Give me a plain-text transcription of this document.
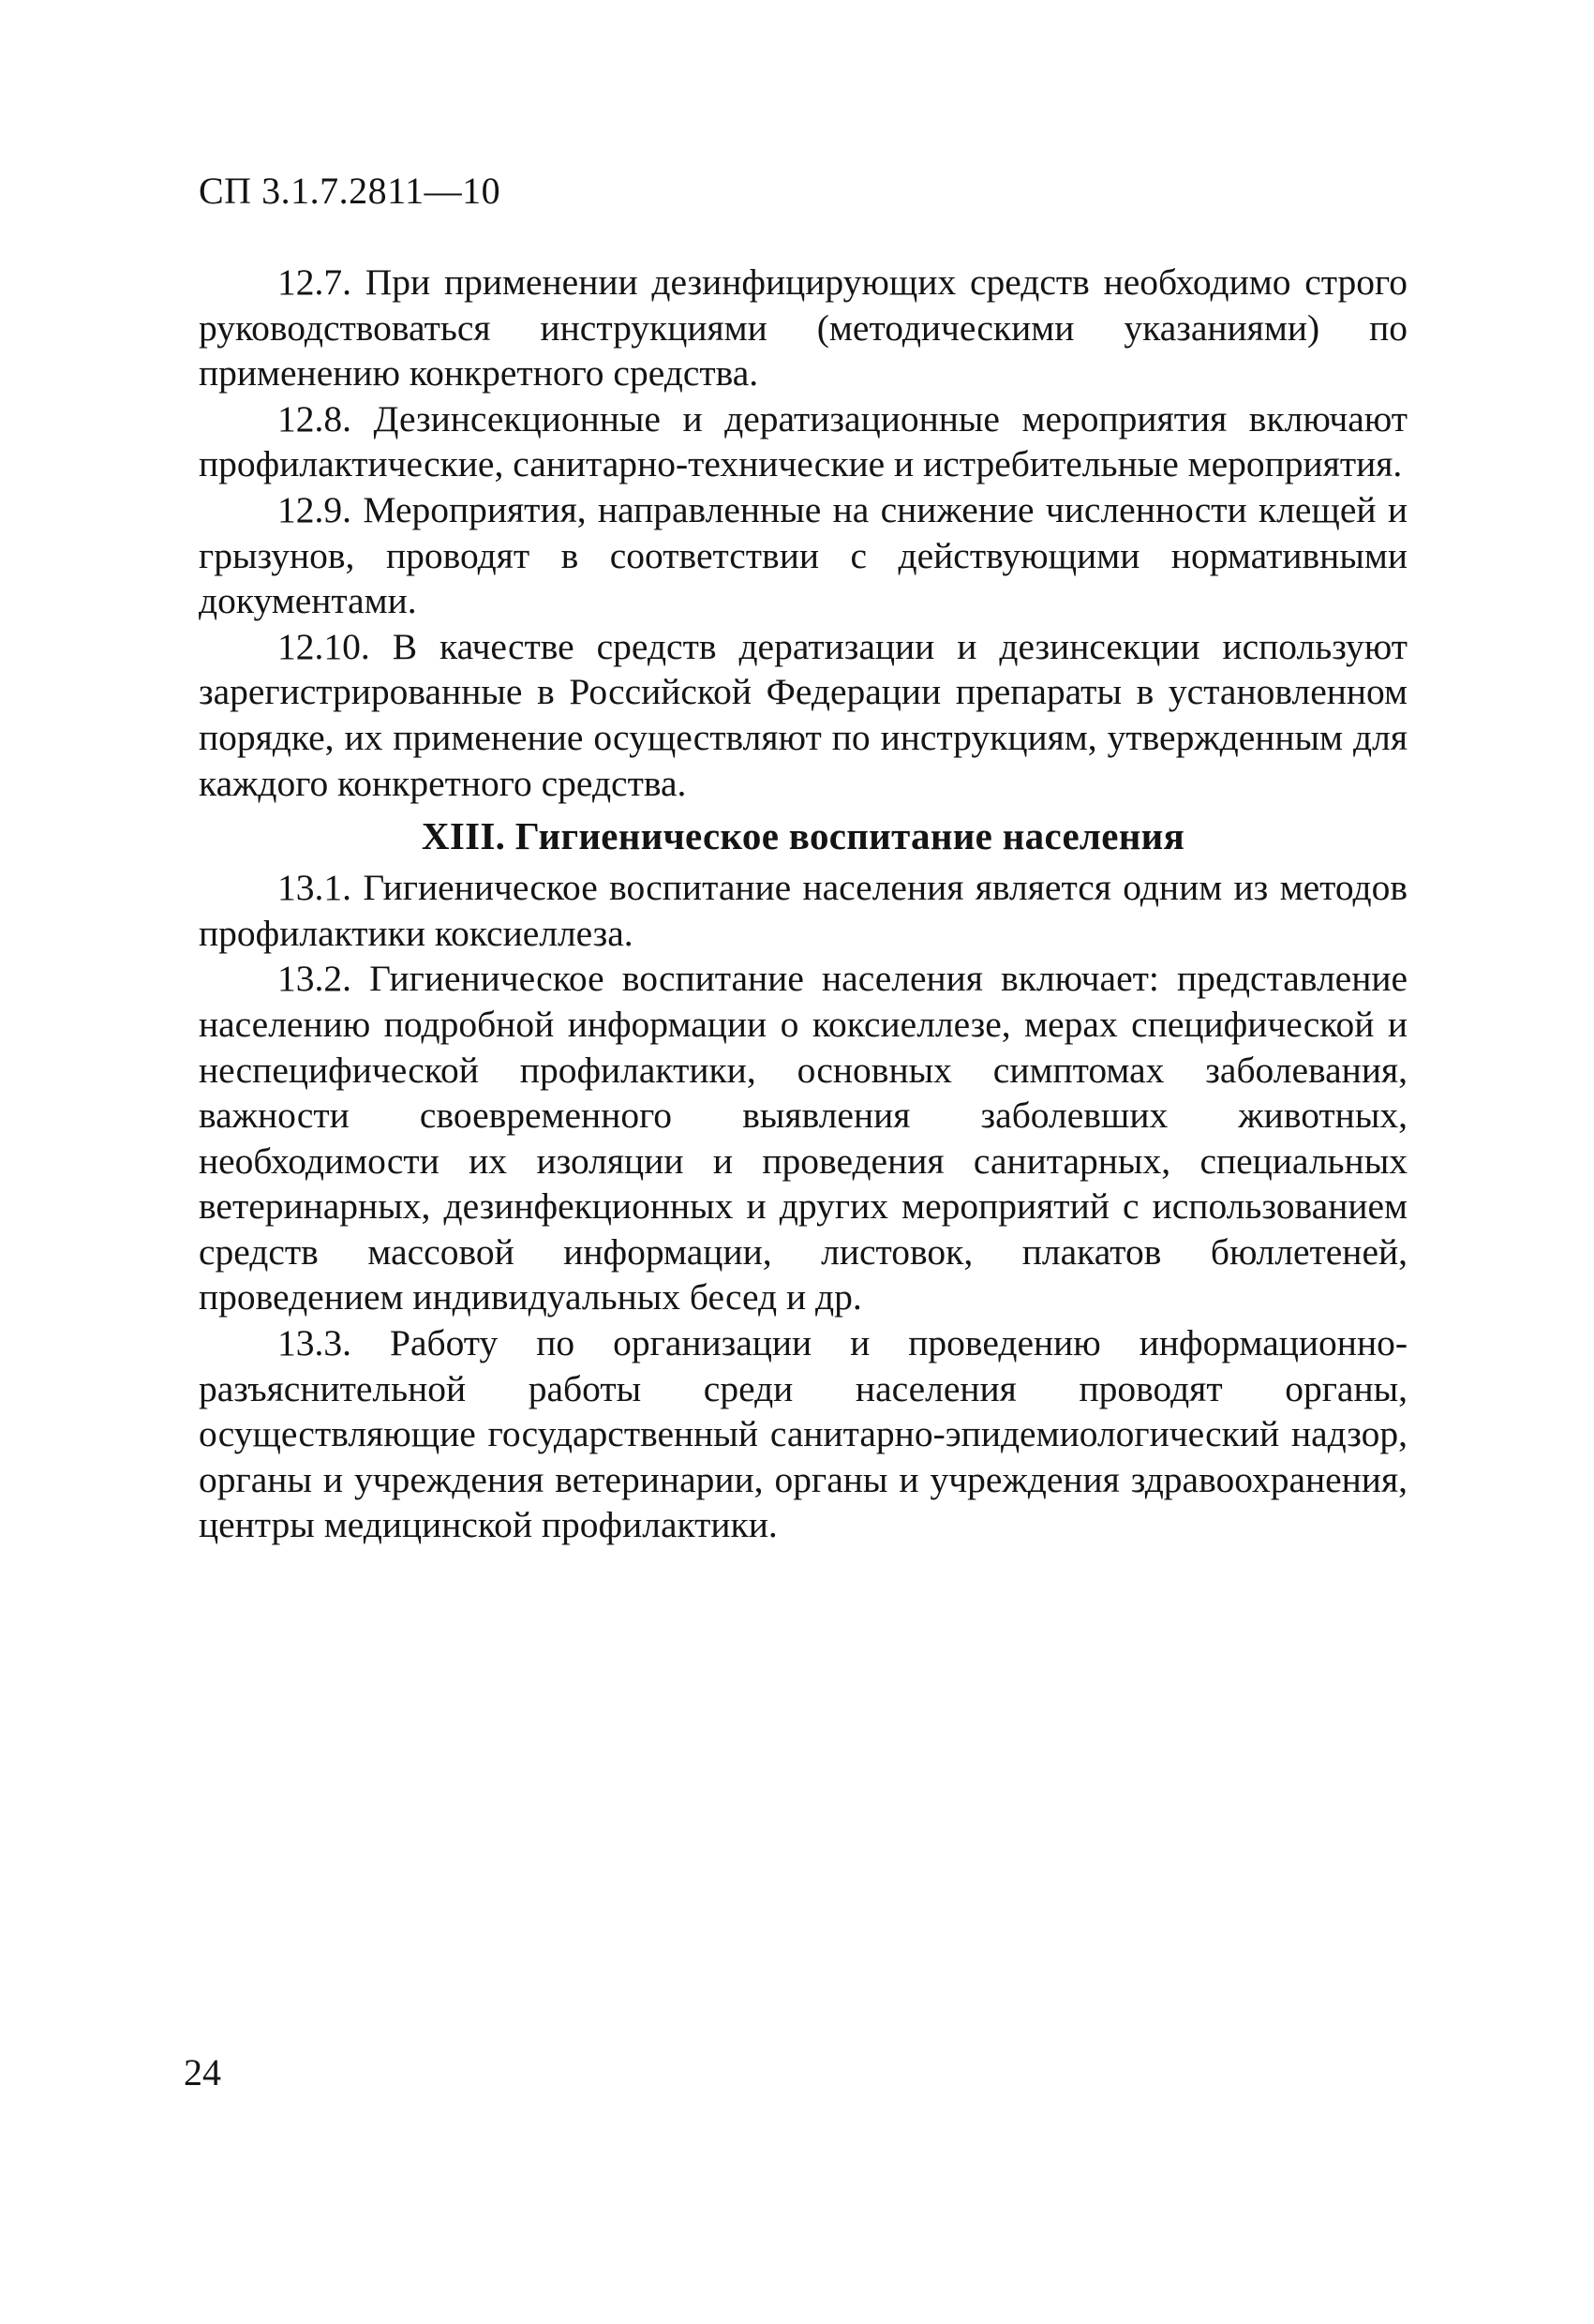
СП 3.1.7.2811—10

12.7. При применении дезинфицирующих средств необходимо строго руководствоваться инструкциями (методическими указаниями) по применению конкретного средства.

12.8. Дезинсекционные и дератизационные мероприятия включают профилактические, санитарно-технические и истребительные мероприятия.

12.9. Мероприятия, направленные на снижение численности клещей и грызунов, проводят в соответствии с действующими нормативными документами.

12.10. В качестве средств дератизации и дезинсекции используют зарегистрированные в Российской Федерации препараты в установленном порядке, их применение осуществляют по инструкциям, утвержденным для каждого конкретного средства.

XIII. Гигиеническое воспитание населения

13.1. Гигиеническое воспитание населения является одним из методов профилактики коксиеллеза.

13.2. Гигиеническое воспитание населения включает: представление населению подробной информации о коксиеллезе, мерах специфической и неспецифической профилактики, основных симптомах заболевания, важности своевременного выявления заболевших животных, необходимости их изоляции и проведения санитарных, специальных ветеринарных, дезинфекционных и других мероприятий с использованием средств массовой информации, листовок, плакатов бюллетеней, проведением индивидуальных бесед и др.

13.3. Работу по организации и проведению информационно-разъяснительной работы среди населения проводят органы, осуществляющие государственный санитарно-эпидемиологический надзор, органы и учреждения ветеринарии, органы и учреждения здравоохранения, центры медицинской профилактики.

24
